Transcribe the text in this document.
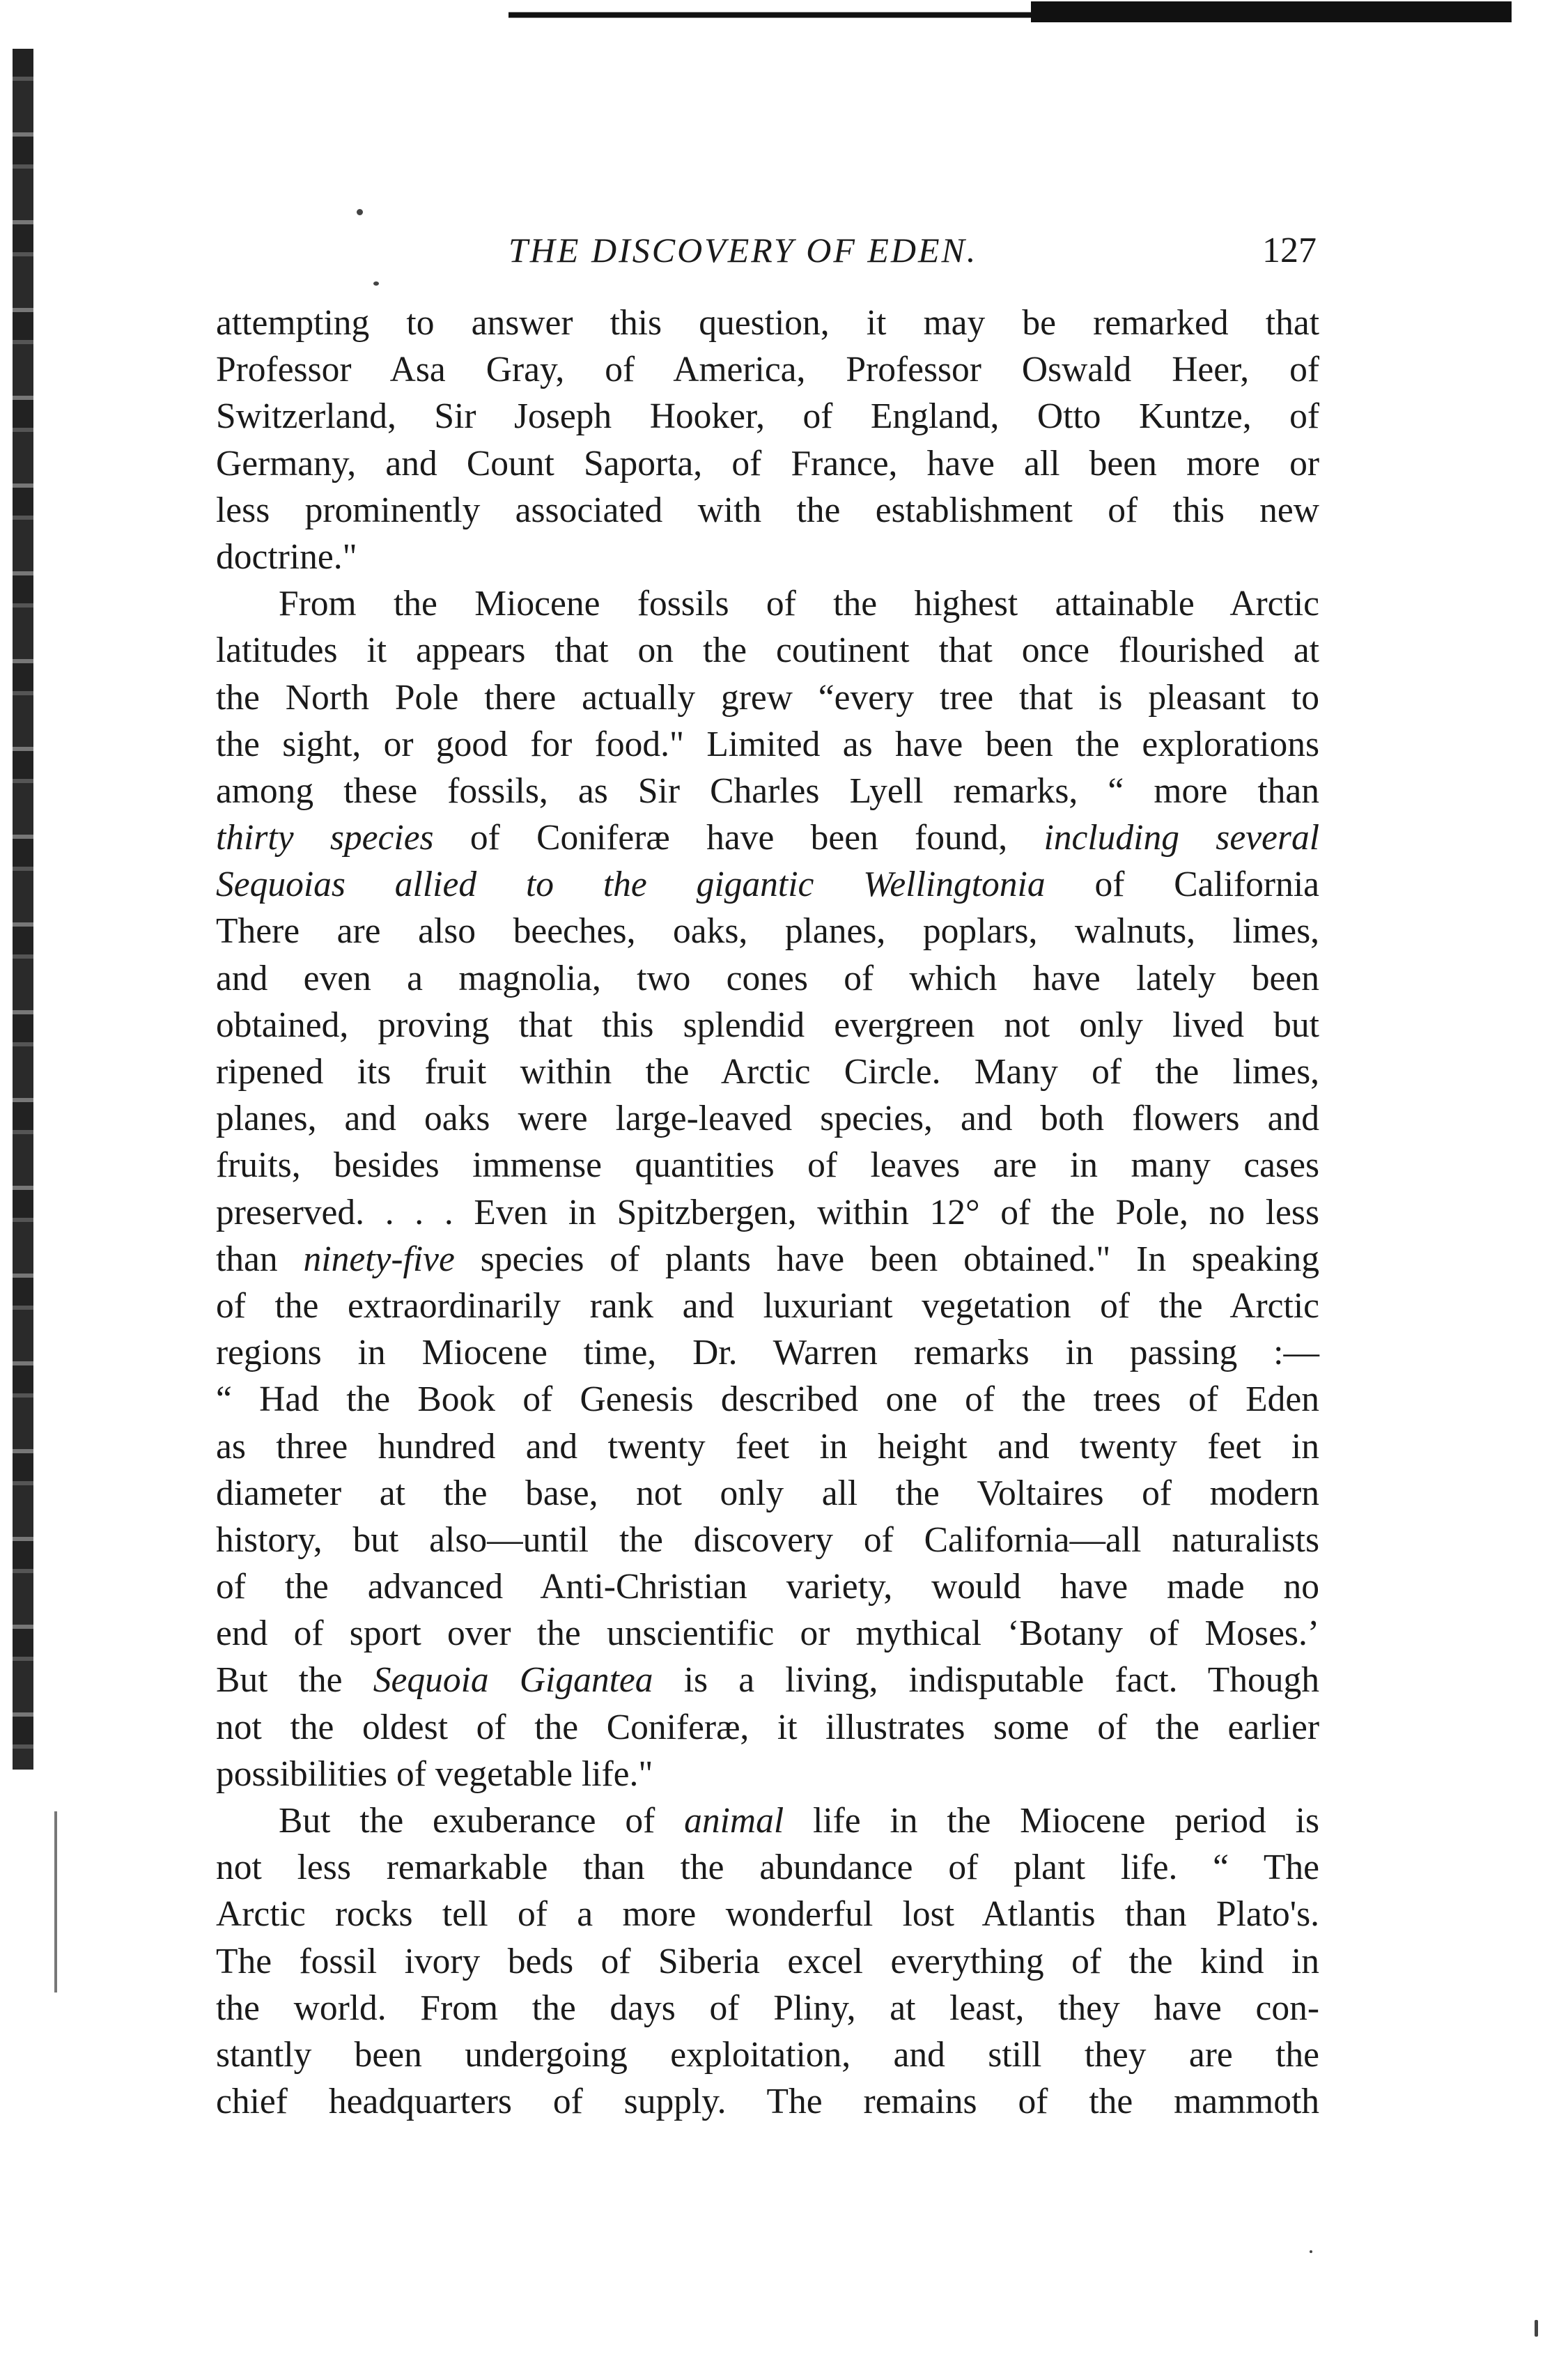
THE DISCOVERY OF EDEN.	127
attempting to answer this question, it may be remarked that
Professor Asa Gray, of America, Professor Oswald Heer, of
Switzerland, Sir Joseph Hooker, of England, Otto Kuntze, of
Germany, and Count Saporta, of France, have all been more or
less prominently associated with the establishment of this new
doctrine."
From the Miocene fossils of the highest attainable Arctic
latitudes it appears that on the coutinent that once flourished at
the North Pole there actually grew “every tree that is pleasant to
the sight, or good for food." Limited as have been the explorations
among these fossils, as Sir Charles Lyell remarks, “ more than
thirty species of Coniferæ have been found, including several
Sequoias allied to the gigantic Wellingtonia of California
There are also beeches, oaks, planes, poplars, walnuts, limes,
and even a magnolia, two cones of which have lately been
obtained, proving that this splendid evergreen not only lived but
ripened its fruit within the Arctic Circle. Many of the limes,
planes, and oaks were large-leaved species, and both flowers and
fruits, besides immense quantities of leaves are in many cases
preserved. . . . Even in Spitzbergen, within 12° of the Pole, no less
than ninety-five species of plants have been obtained." In speaking
of the extraordinarily rank and luxuriant vegetation of the Arctic
regions in Miocene time, Dr. Warren remarks in passing :—
“ Had the Book of Genesis described one of the trees of Eden
as three hundred and twenty feet in height and twenty feet in
diameter at the base, not only all the Voltaires of modern
history, but also—until the discovery of California—all naturalists
of the advanced Anti-Christian variety, would have made no
end of sport over the unscientific or mythical ‘Botany of Moses.’
But the Sequoia Gigantea is a living, indisputable fact. Though
not the oldest of the Coniferæ, it illustrates some of the earlier
possibilities of vegetable life."
But the exuberance of animal life in the Miocene period is
not less remarkable than the abundance of plant life. “ The
Arctic rocks tell of a more wonderful lost Atlantis than Plato's.
The fossil ivory beds of Siberia excel everything of the kind in
the world. From the days of Pliny, at least, they have con-
stantly been undergoing exploitation, and still they are the
chief headquarters of supply. The remains of the mammoth
